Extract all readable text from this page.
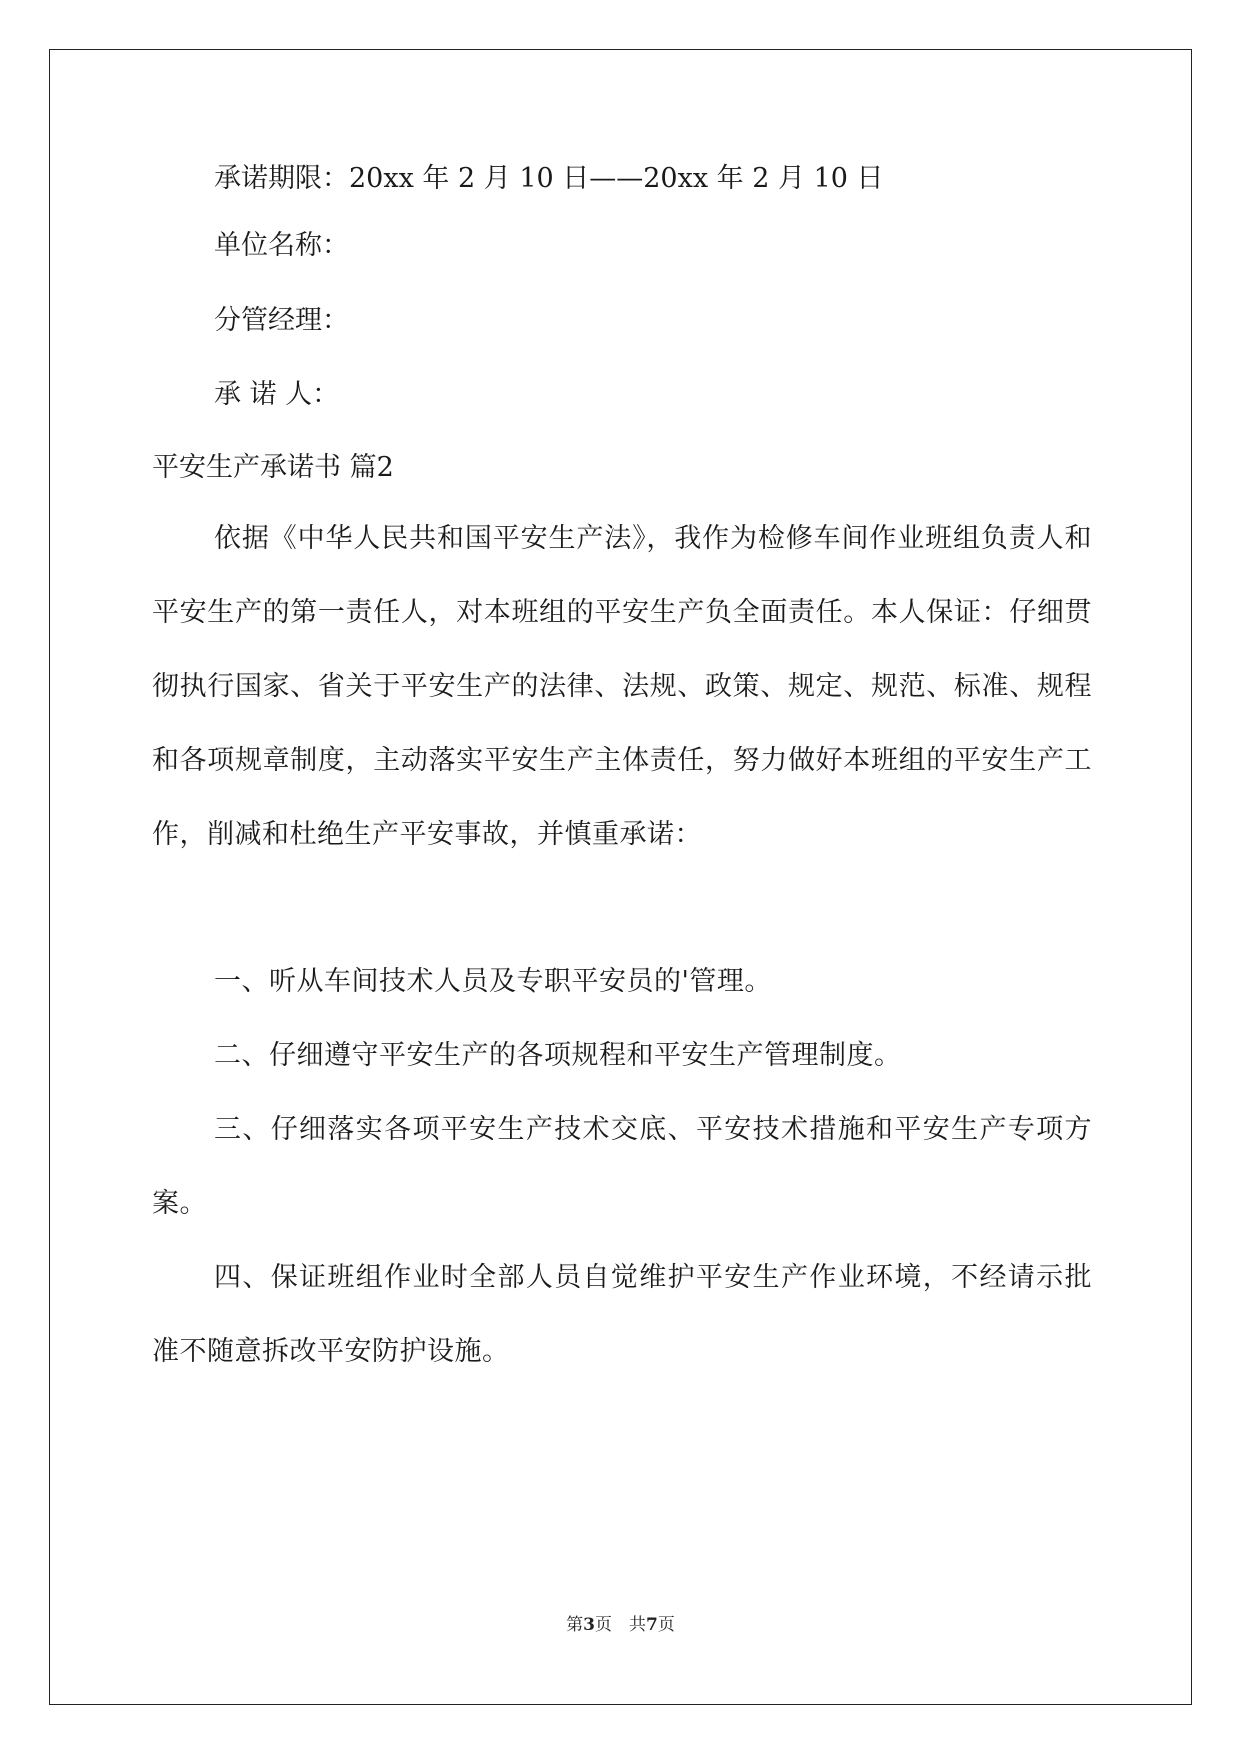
承诺期限：20xx 年 2 月 10 日——20xx 年 2 月 10 日
单位名称：
分管经理：
承 诺 人：
平安生产承诺书 篇2
依据《中华人民共和国平安生产法》，我作为检修车间作业班组负责人和平安生产的第一责任人，对本班组的平安生产负全面责任。本人保证：仔细贯彻执行国家、省关于平安生产的法律、法规、政策、规定、规范、标准、规程和各项规章制度，主动落实平安生产主体责任，努力做好本班组的平安生产工作，削减和杜绝生产平安事故，并慎重承诺：
一、听从车间技术人员及专职平安员的'管理。
二、仔细遵守平安生产的各项规程和平安生产管理制度。
三、仔细落实各项平安生产技术交底、平安技术措施和平安生产专项方案。
四、保证班组作业时全部人员自觉维护平安生产作业环境，不经请示批准不随意拆改平安防护设施。
第3页　共7页
